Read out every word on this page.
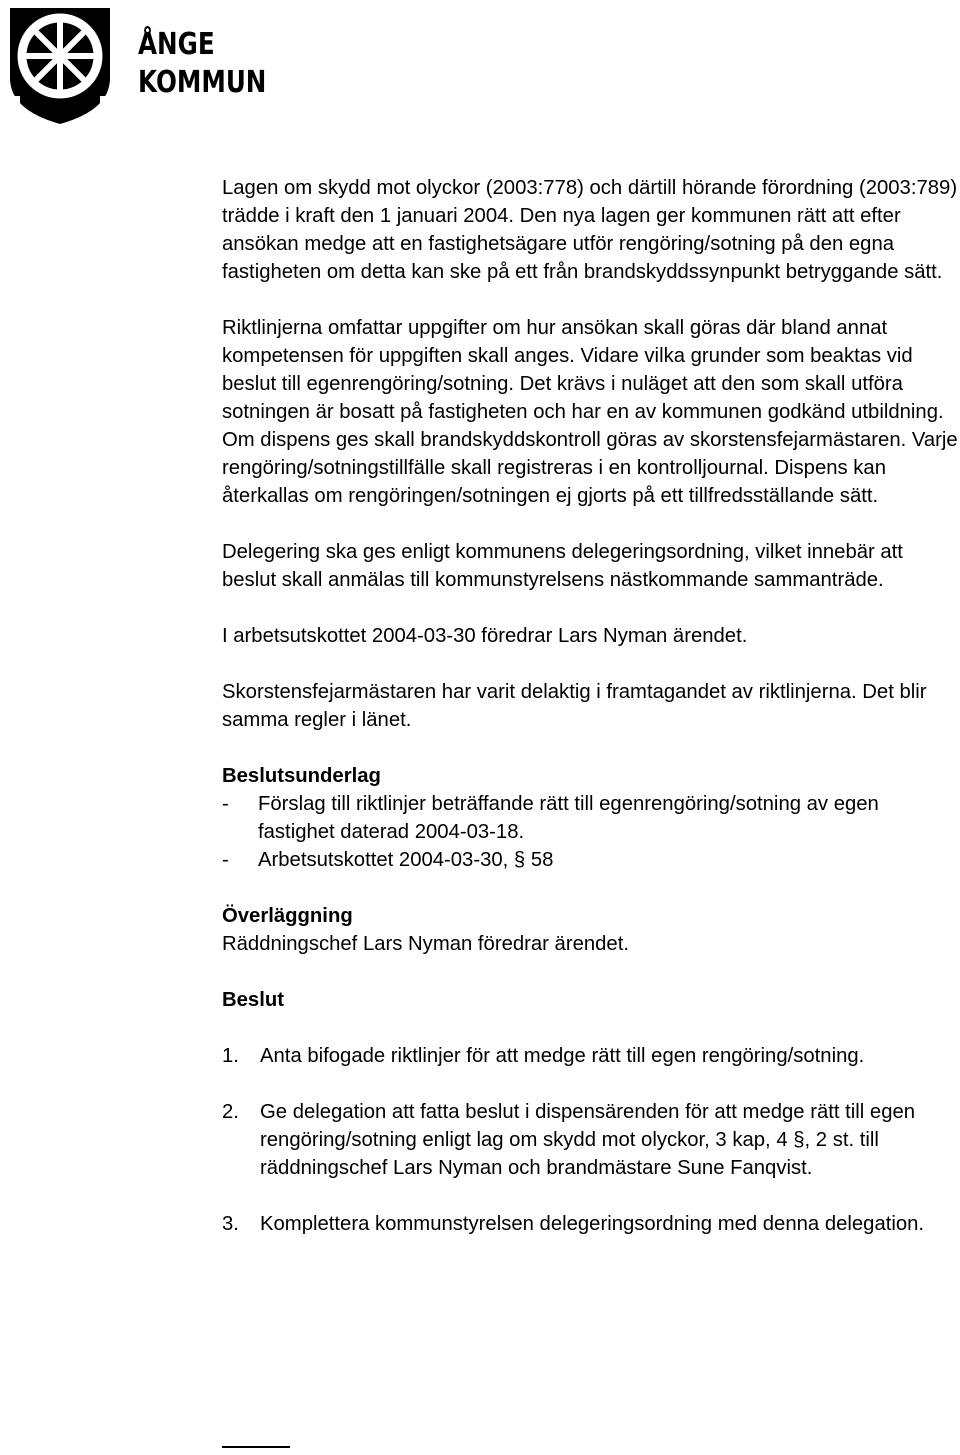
ÅNGE
KOMMUN

Lagen om skydd mot olyckor (2003:778) och därtill hörande förordning (2003:789) trädde i kraft den 1 januari 2004. Den nya lagen ger kommunen rätt att efter ansökan medge att en fastighetsägare utför rengöring/sotning på den egna fastigheten om detta kan ske på ett från brandskyddssynpunkt betryggande sätt.

Riktlinjerna omfattar uppgifter om hur ansökan skall göras där bland annat kompetensen för uppgiften skall anges. Vidare vilka grunder som beaktas vid beslut till egenrengöring/sotning. Det krävs i nuläget att den som skall utföra sotningen är bosatt på fastigheten och har en av kommunen godkänd utbildning. Om dispens ges skall brandskyddskontroll göras av skorstensfejarmästaren. Varje rengöring/sotningstillfälle skall registreras i en kontrolljournal. Dispens kan återkallas om rengöringen/sotningen ej gjorts på ett tillfredsställande sätt.

Delegering ska ges enligt kommunens delegeringsordning, vilket innebär att beslut skall anmälas till kommunstyrelsens nästkommande sammanträde.

I arbetsutskottet 2004-03-30 föredrar Lars Nyman ärendet.

Skorstensfejarmästaren har varit delaktig i framtagandet av riktlinjerna. Det blir samma regler i länet.

Beslutsunderlag

-	Förslag till riktlinjer beträffande rätt till egenrengöring/sotning av egen fastighet daterad 2004-03-18.
-	Arbetsutskottet 2004-03-30, § 58

Överläggning

Räddningschef Lars Nyman föredrar ärendet.

Beslut

1.	Anta bifogade riktlinjer för att medge rätt till egen rengöring/sotning.
2.	Ge delegation att fatta beslut i dispensärenden för att medge rätt till egen rengöring/sotning enligt lag om skydd mot olyckor, 3 kap, 4 §, 2 st. till räddningschef Lars Nyman och brandmästare Sune Fanqvist.
3.	Komplettera kommunstyrelsen delegeringsordning med denna delegation.
